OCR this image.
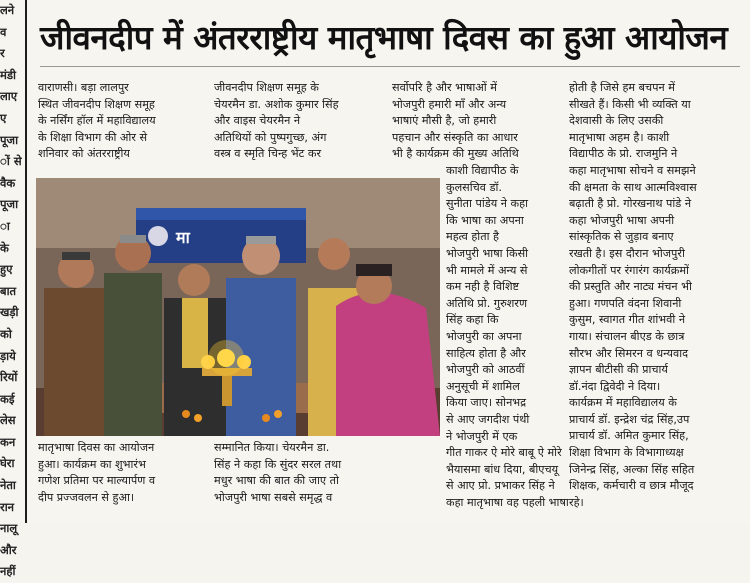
लने
व
र
मंडी
लाए
ए
पूजा
ों से
वैक
पूजा
ा
के
हुए
बात
खड़ी
को
ड़ाये
रियों
कई
लेस
कन
घेरा
नेता
रान
नालू
और
नहीं
जीवनदीप में अंतरराष्ट्रीय मातृभाषा दिवस का हुआ आयोजन
वाराणसी। बड़ा लालपुर
स्थित जीवनदीप शिक्षण समूह
के नर्सिंग हॉल में महाविद्यालय
के शिक्षा विभाग की ओर से
शनिवार को अंतरराष्ट्रीय
जीवनदीप शिक्षण समूह के
चेयरमैन डा. अशोक कुमार सिंह
और वाइस चेयरमैन ने
अतिथियों को पुष्पगुच्छ, अंग
वस्त्र व स्मृति चिन्ह भेंट कर
सर्वोपरि है और भाषाओं में
भोजपुरी हमारी माँ और अन्य
भाषाएं मौसी है, जो हमारी
पहचान और संस्कृति का आधार
भी है कार्यक्रम की मुख्य अतिथि
काशी विद्यापीठ के
कुलसचिव डॉ.
सुनीता पांडेय ने कहा
कि भाषा का अपना
महत्व होता है
भोजपुरी भाषा किसी
भी मामले में अन्य से
कम नही है विशिष्ट
अतिथि प्रो. गुरुशरण
सिंह कहा कि
भोजपुरी का अपना
साहित्य होता है और
भोजपुरी को आठवीं
अनुसूची में शामिल
किया जाए। सोनभद्र
से आए जगदीश पंथी
ने भोजपुरी में एक
गीत गाकर ऐ मोरे बाबू ऐ मोरे
भैयासमा बांध दिया, बीएचयू
से आए प्रो. प्रभाकर सिंह ने
कहा मातृभाषा वह पहली भाषा
होती है जिसे हम बचपन में
सीखते हैं। किसी भी व्यक्ति या
देशवासी के लिए उसकी
मातृभाषा अहम है। काशी
विद्यापीठ के प्रो. राजमुनि ने
कहा मातृभाषा सोचने व समझने
की क्षमता के साथ आत्मविश्वास
बढ़ाती है प्रो. गोरखनाथ पांडे ने
कहा भोजपुरी भाषा अपनी
सांस्कृतिक से जुड़ाव बनाए
रखती है। इस दौरान भोजपुरी
लोकगीतों पर रंगारंग कार्यक्रमों
की प्रस्तुति और नाट्य मंचन भी
हुआ। गणपति वंदना शिवानी
कुसुम, स्वागत गीत शांभवी ने
गाया। संचालन बीएड के छात्र
सौरभ और सिमरन व धन्यवाद
ज्ञापन बीटीसी की प्राचार्य
डॉ.नंदा द्विवेदी ने दिया।
कार्यक्रम में महाविद्यालय के
प्राचार्य डॉ. इन्द्रेश चंद्र सिंह,उप
प्राचार्य डॉ. अमित कुमार सिंह,
शिक्षा विभाग के विभागाध्यक्ष
जिनेन्द्र सिंह, अल्का सिंह सहित
शिक्षक, कर्मचारी व छात्र मौजूद
रहे।
मातृभाषा दिवस का आयोजन
हुआ। कार्यक्रम का शुभारंभ
गणेश प्रतिमा पर माल्यार्पण व
दीप प्रज्जवलन से हुआ।
सम्मानित किया। चेयरमैन डा.
सिंह ने कहा कि सुंदर सरल तथा
मधुर भाषा की बात की जाए तो
भोजपुरी भाषा सबसे समृद्ध व
मा
